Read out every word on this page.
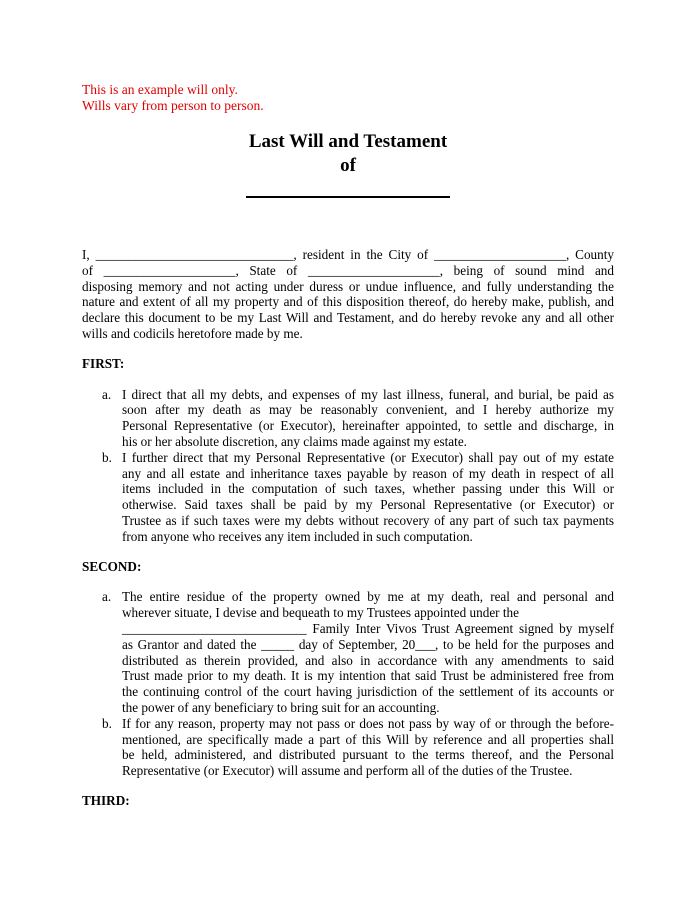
This is an example will only.
Wills vary from person to person.
Last Will and Testament
of
I, ______________________________, resident in the City of ____________________, County
of ____________________, State of ____________________, being of sound mind and
disposing memory and not acting under duress or undue influence, and fully understanding the
nature and extent of all my property and of this disposition thereof, do hereby make, publish, and
declare this document to be my Last Will and Testament, and do hereby revoke any and all other
wills and codicils heretofore made by me.
FIRST:
a. I direct that all my debts, and expenses of my last illness, funeral, and burial, be paid as
soon after my death as may be reasonably convenient, and I hereby authorize my
Personal Representative (or Executor), hereinafter appointed, to settle and discharge, in
his or her absolute discretion, any claims made against my estate.
b. I further direct that my Personal Representative (or Executor) shall pay out of my estate
any and all estate and inheritance taxes payable by reason of my death in respect of all
items included in the computation of such taxes, whether passing under this Will or
otherwise. Said taxes shall be paid by my Personal Representative (or Executor) or
Trustee as if such taxes were my debts without recovery of any part of such tax payments
from anyone who receives any item included in such computation.
SECOND:
a. The entire residue of the property owned by me at my death, real and personal and
wherever situate, I devise and bequeath to my Trustees appointed under the
____________________________ Family Inter Vivos Trust Agreement signed by myself
as Grantor and dated the _____ day of September, 20___, to be held for the purposes and
distributed as therein provided, and also in accordance with any amendments to said
Trust made prior to my death. It is my intention that said Trust be administered free from
the continuing control of the court having jurisdiction of the settlement of its accounts or
the power of any beneficiary to bring suit for an accounting.
b. If for any reason, property may not pass or does not pass by way of or through the before-
mentioned, are specifically made a part of this Will by reference and all properties shall
be held, administered, and distributed pursuant to the terms thereof, and the Personal
Representative (or Executor) will assume and perform all of the duties of the Trustee.
THIRD:
